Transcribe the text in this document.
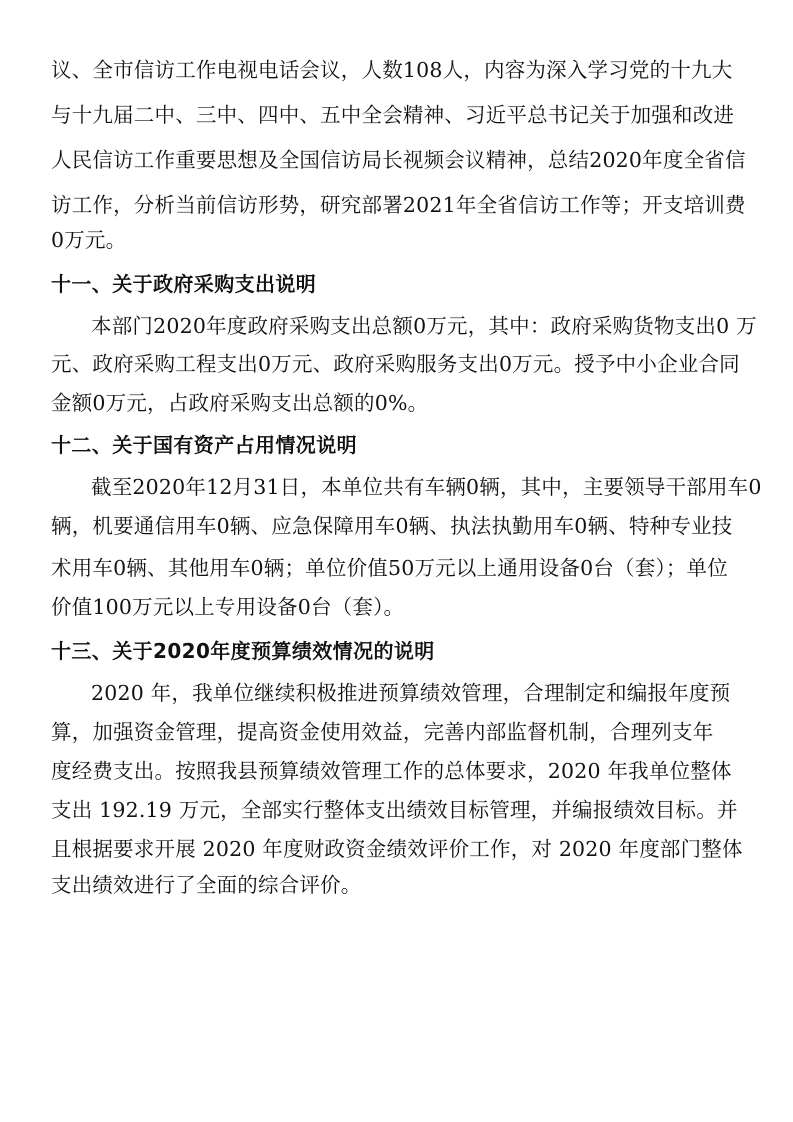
议、全市信访工作电视电话会议，人数108人，内容为深入学习党的十九大
与十九届二中、三中、四中、五中全会精神、习近平总书记关于加强和改进
人民信访工作重要思想及全国信访局长视频会议精神，总结2020年度全省信
访工作，分析当前信访形势，研究部署2021年全省信访工作等；开支培训费
0万元。
十一、关于政府采购支出说明
本部门2020年度政府采购支出总额0万元，其中：政府采购货物支出0 万
元、政府采购工程支出0万元、政府采购服务支出0万元。授予中小企业合同
金额0万元，占政府采购支出总额的0%。
十二、关于国有资产占用情况说明
截至2020年12月31日，本单位共有车辆0辆，其中，主要领导干部用车0
辆，机要通信用车0辆、应急保障用车0辆、执法执勤用车0辆、特种专业技
术用车0辆、其他用车0辆；单位价值50万元以上通用设备0台（套）；单位
价值100万元以上专用设备0台（套）。
十三、关于2020年度预算绩效情况的说明
2020 年，我单位继续积极推进预算绩效管理，合理制定和编报年度预
算，加强资金管理，提高资金使用效益，完善内部监督机制，合理列支年
度经费支出。按照我县预算绩效管理工作的总体要求，2020 年我单位整体
支出 192.19 万元，全部实行整体支出绩效目标管理，并编报绩效目标。并
且根据要求开展 2020 年度财政资金绩效评价工作，对 2020 年度部门整体
支出绩效进行了全面的综合评价。
